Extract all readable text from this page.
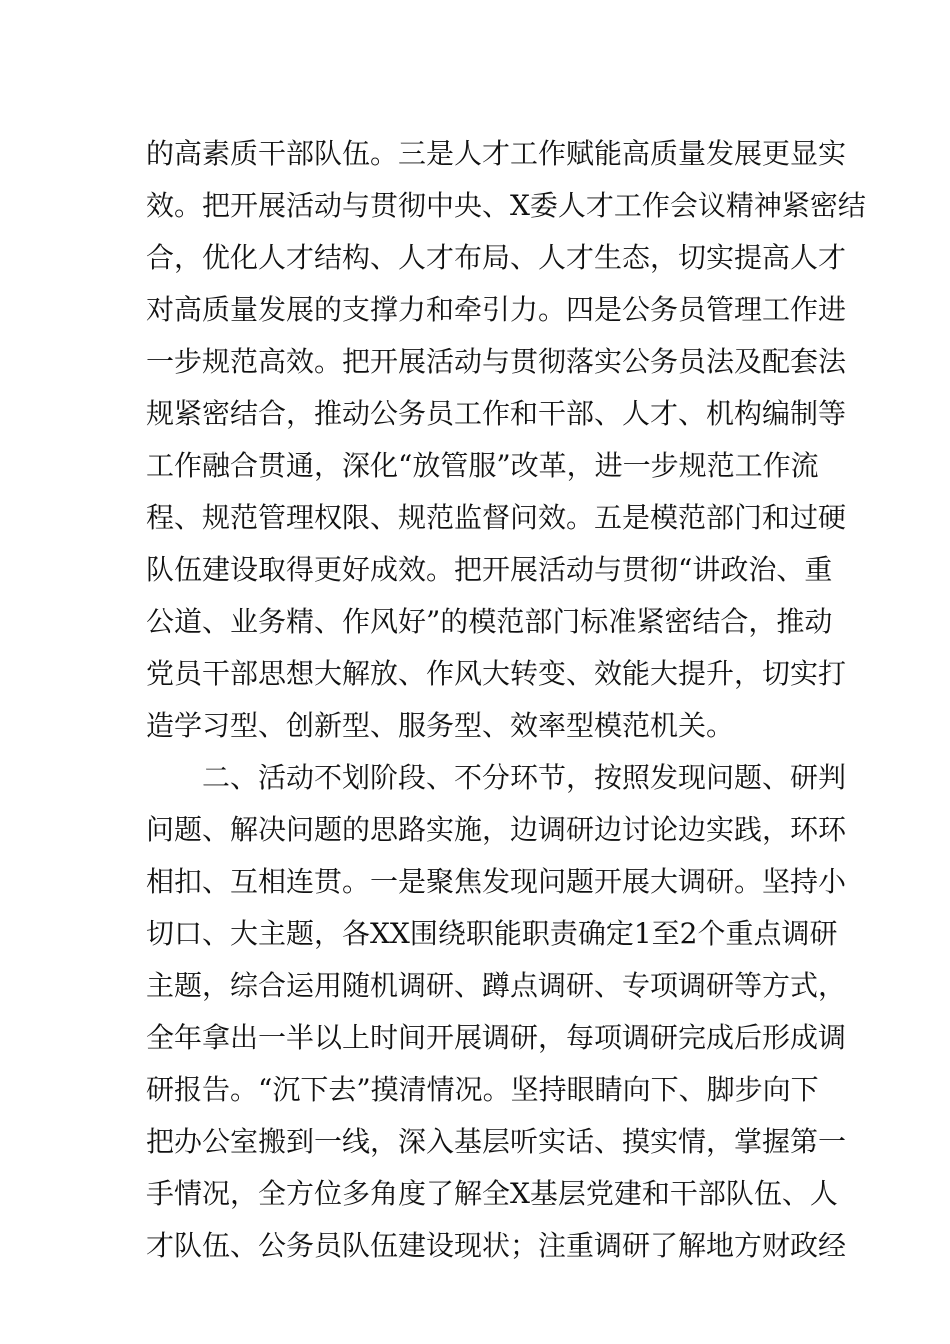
的高素质干部队伍。三是人才工作赋能高质量发展更显实
效。把开展活动与贯彻中央、X委人才工作会议精神紧密结
合，优化人才结构、人才布局、人才生态，切实提高人才
对高质量发展的支撑力和牵引力。四是公务员管理工作进
一步规范高效。把开展活动与贯彻落实公务员法及配套法
规紧密结合，推动公务员工作和干部、人才、机构编制等
工作融合贯通，深化“放管服”改革，进一步规范工作流
程、规范管理权限、规范监督问效。五是模范部门和过硬
队伍建设取得更好成效。把开展活动与贯彻“讲政治、重
公道、业务精、作风好”的模范部门标准紧密结合，推动
党员干部思想大解放、作风大转变、效能大提升，切实打
造学习型、创新型、服务型、效率型模范机关。
二、活动不划阶段、不分环节，按照发现问题、研判
问题、解决问题的思路实施，边调研边讨论边实践，环环
相扣、互相连贯。一是聚焦发现问题开展大调研。坚持小
切口、大主题，各XX围绕职能职责确定1至2个重点调研
主题，综合运用随机调研、蹲点调研、专项调研等方式，
全年拿出一半以上时间开展调研，每项调研完成后形成调
研报告。“沉下去”摸清情况。坚持眼睛向下、脚步向下
把办公室搬到一线，深入基层听实话、摸实情，掌握第一
手情况，全方位多角度了解全X基层党建和干部队伍、人
才队伍、公务员队伍建设现状；注重调研了解地方财政经
